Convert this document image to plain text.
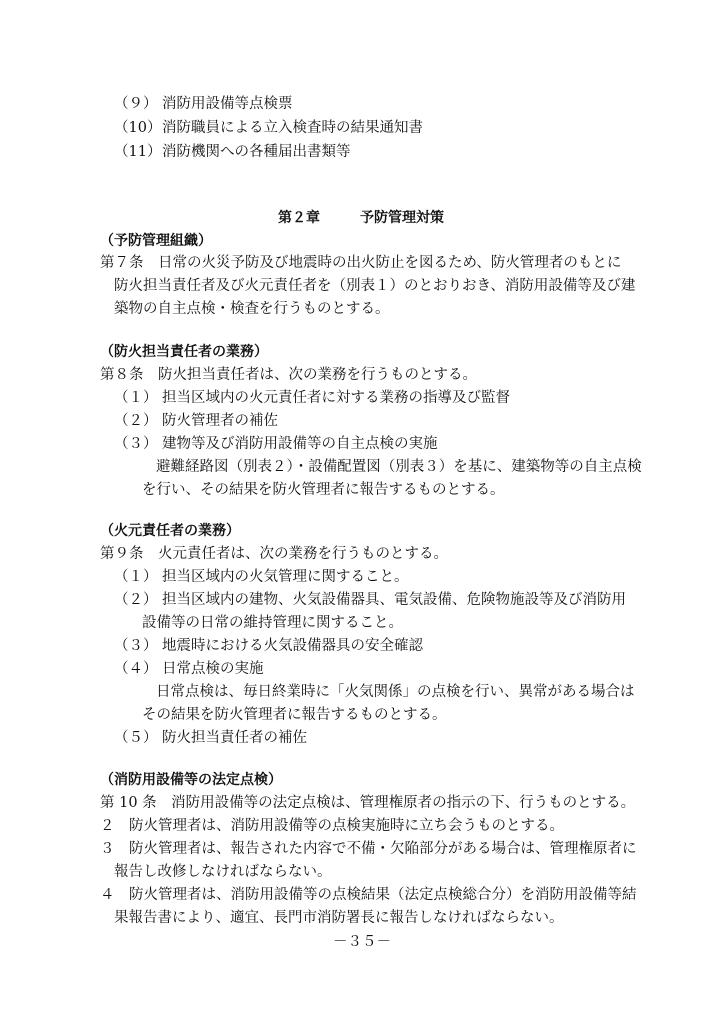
（９） 消防用設備等点検票
（10）消防職員による立入検査時の結果通知書
（11）消防機関への各種届出書類等
第２章	予防管理対策
（予防管理組織）
第７条　日常の火災予防及び地震時の出火防止を図るため、防火管理者のもとに
防火担当責任者及び火元責任者を（別表１）のとおりおき、消防用設備等及び建
築物の自主点検・検査を行うものとする。
（防火担当責任者の業務）
第８条　防火担当責任者は、次の業務を行うものとする。
（１） 担当区域内の火元責任者に対する業務の指導及び監督
（２） 防火管理者の補佐
（３） 建物等及び消防用設備等の自主点検の実施
避難経路図（別表２）・設備配置図（別表３）を基に、建築物等の自主点検
を行い、その結果を防火管理者に報告するものとする。
（火元責任者の業務）
第９条　火元責任者は、次の業務を行うものとする。
（１） 担当区域内の火気管理に関すること。
（２） 担当区域内の建物、火気設備器具、電気設備、危険物施設等及び消防用
設備等の日常の維持管理に関すること。
（３） 地震時における火気設備器具の安全確認
（４） 日常点検の実施
日常点検は、毎日終業時に「火気関係」の点検を行い、異常がある場合は
その結果を防火管理者に報告するものとする。
（５） 防火担当責任者の補佐
（消防用設備等の法定点検）
第 10 条　消防用設備等の法定点検は、管理権原者の指示の下、行うものとする。
２　防火管理者は、消防用設備等の点検実施時に立ち会うものとする。
３　防火管理者は、報告された内容で不備・欠陥部分がある場合は、管理権原者に
報告し改修しなければならない。
４　防火管理者は、消防用設備等の点検結果（法定点検総合分）を消防用設備等結
果報告書により、適宜、長門市消防署長に報告しなければならない。
－３５－
